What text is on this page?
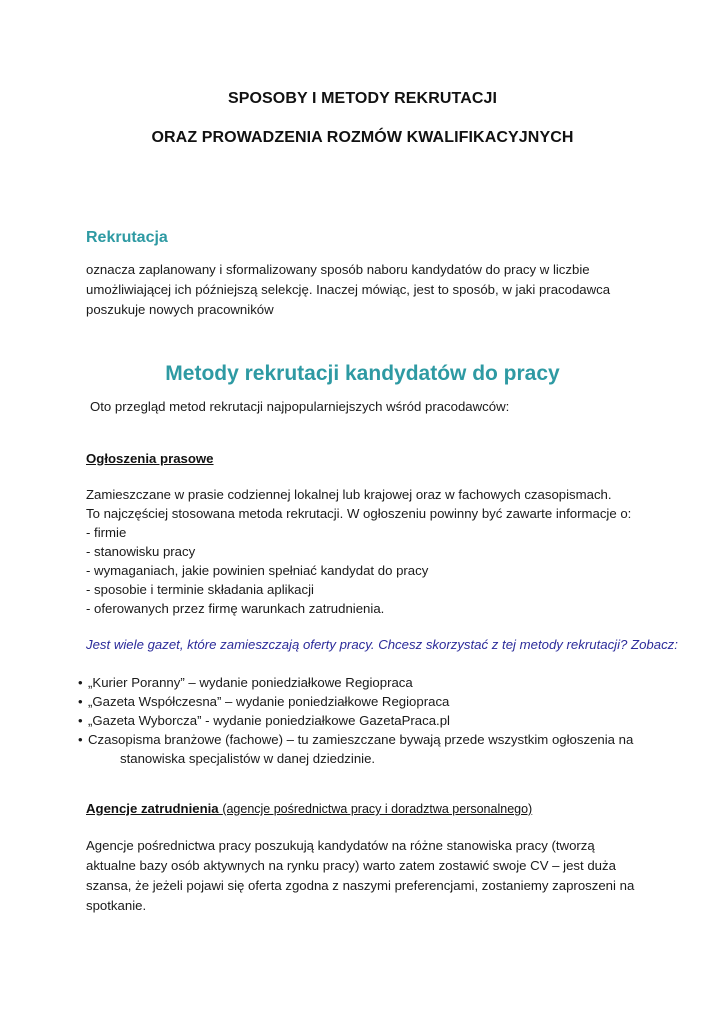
SPOSOBY I METODY REKRUTACJI
ORAZ PROWADZENIA ROZMÓW KWALIFIKACYJNYCH
Rekrutacja
oznacza zaplanowany i sformalizowany sposób naboru kandydatów do pracy w liczbie umożliwiającej ich późniejszą selekcję. Inaczej mówiąc, jest to sposób, w jaki pracodawca poszukuje nowych pracowników
Metody rekrutacji kandydatów do pracy
Oto przegląd metod rekrutacji najpopularniejszych wśród pracodawców:
Ogłoszenia prasowe
Zamieszczane w prasie codziennej lokalnej lub krajowej oraz w fachowych czasopismach.
To najczęściej stosowana metoda rekrutacji. W ogłoszeniu powinny być zawarte informacje o:
- firmie
- stanowisku pracy
- wymaganiach, jakie powinien spełniać kandydat do pracy
- sposobie i terminie składania aplikacji
- oferowanych przez firmę warunkach zatrudnienia.
Jest wiele gazet, które zamieszczają oferty pracy. Chcesz skorzystać z tej metody rekrutacji? Zobacz:
• „Kurier Poranny” – wydanie poniedziałkowe Regiopraca
• „Gazeta Współczesna” – wydanie poniedziałkowe Regiopraca
• „Gazeta Wyborcza” - wydanie poniedziałkowe GazetaPraca.pl
• Czasopisma branżowe (fachowe) – tu zamieszczane bywają przede wszystkim ogłoszenia na
stanowiska specjalistów w danej dziedzinie.
Agencje zatrudnienia (agencje pośrednictwa pracy i doradztwa personalnego)
Agencje pośrednictwa pracy poszukują kandydatów na różne stanowiska pracy (tworzą aktualne bazy osób aktywnych na rynku pracy) warto zatem zostawić swoje CV – jest duża szansa, że jeżeli pojawi się oferta zgodna z naszymi preferencjami, zostaniemy zaproszeni na spotkanie.
